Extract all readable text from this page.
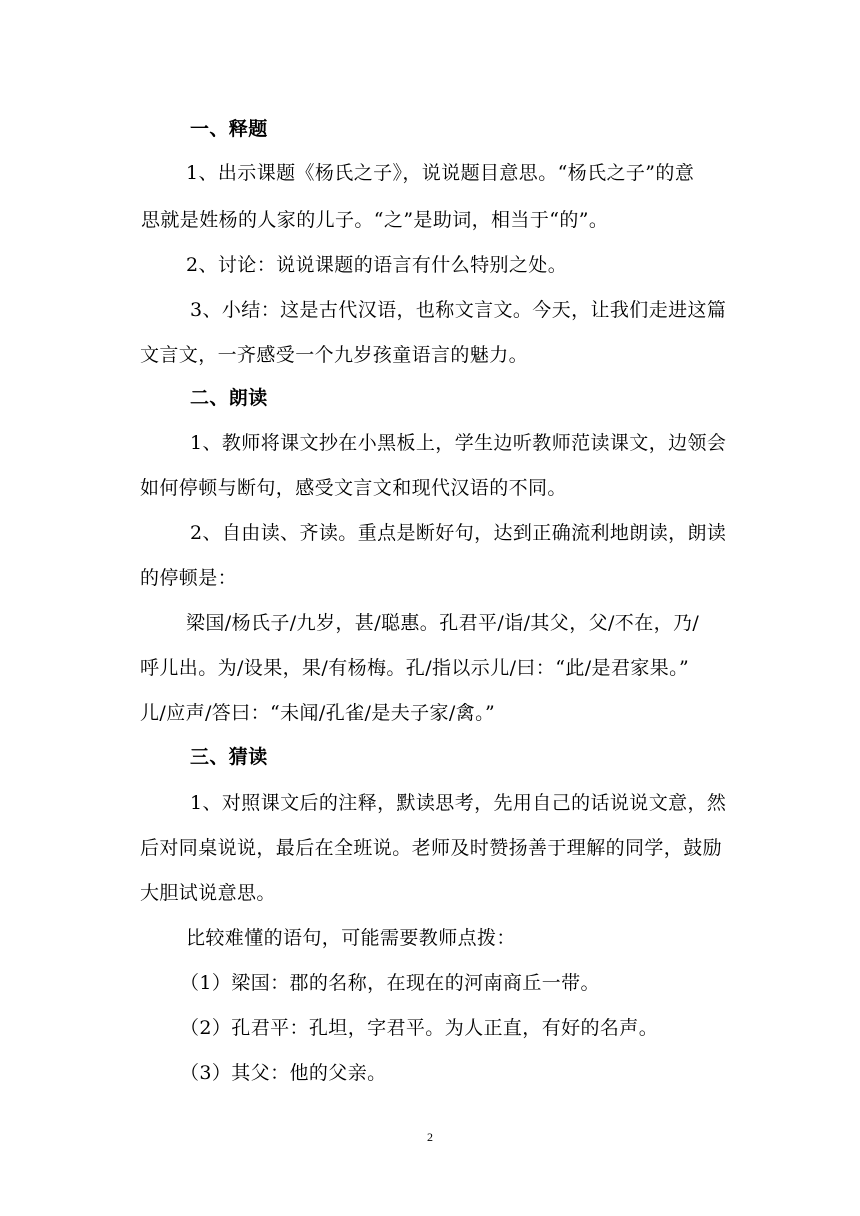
一、释题
1、出示课题《杨氏之子》，说说题目意思。“杨氏之子”的意
思就是姓杨的人家的儿子。“之”是助词，相当于“的”。
2、讨论：说说课题的语言有什么特别之处。
3、小结：这是古代汉语，也称文言文。今天，让我们走进这篇
文言文，一齐感受一个九岁孩童语言的魅力。
二、朗读
1、教师将课文抄在小黑板上，学生边听教师范读课文，边领会
如何停顿与断句，感受文言文和现代汉语的不同。
2、自由读、齐读。重点是断好句，达到正确流利地朗读，朗读
的停顿是：
梁国/杨氏子/九岁，甚/聪惠。孔君平/诣/其父，父/不在，乃/
呼儿出。为/设果，果/有杨梅。孔/指以示儿/曰：“此/是君家果。”
儿/应声/答曰：“未闻/孔雀/是夫子家/禽。”
三、猜读
1、对照课文后的注释，默读思考，先用自己的话说说文意，然
后对同桌说说，最后在全班说。老师及时赞扬善于理解的同学，鼓励
大胆试说意思。
比较难懂的语句，可能需要教师点拨：
（1）梁国：郡的名称，在现在的河南商丘一带。
（2）孔君平：孔坦，字君平。为人正直，有好的名声。
（3）其父：他的父亲。
2
